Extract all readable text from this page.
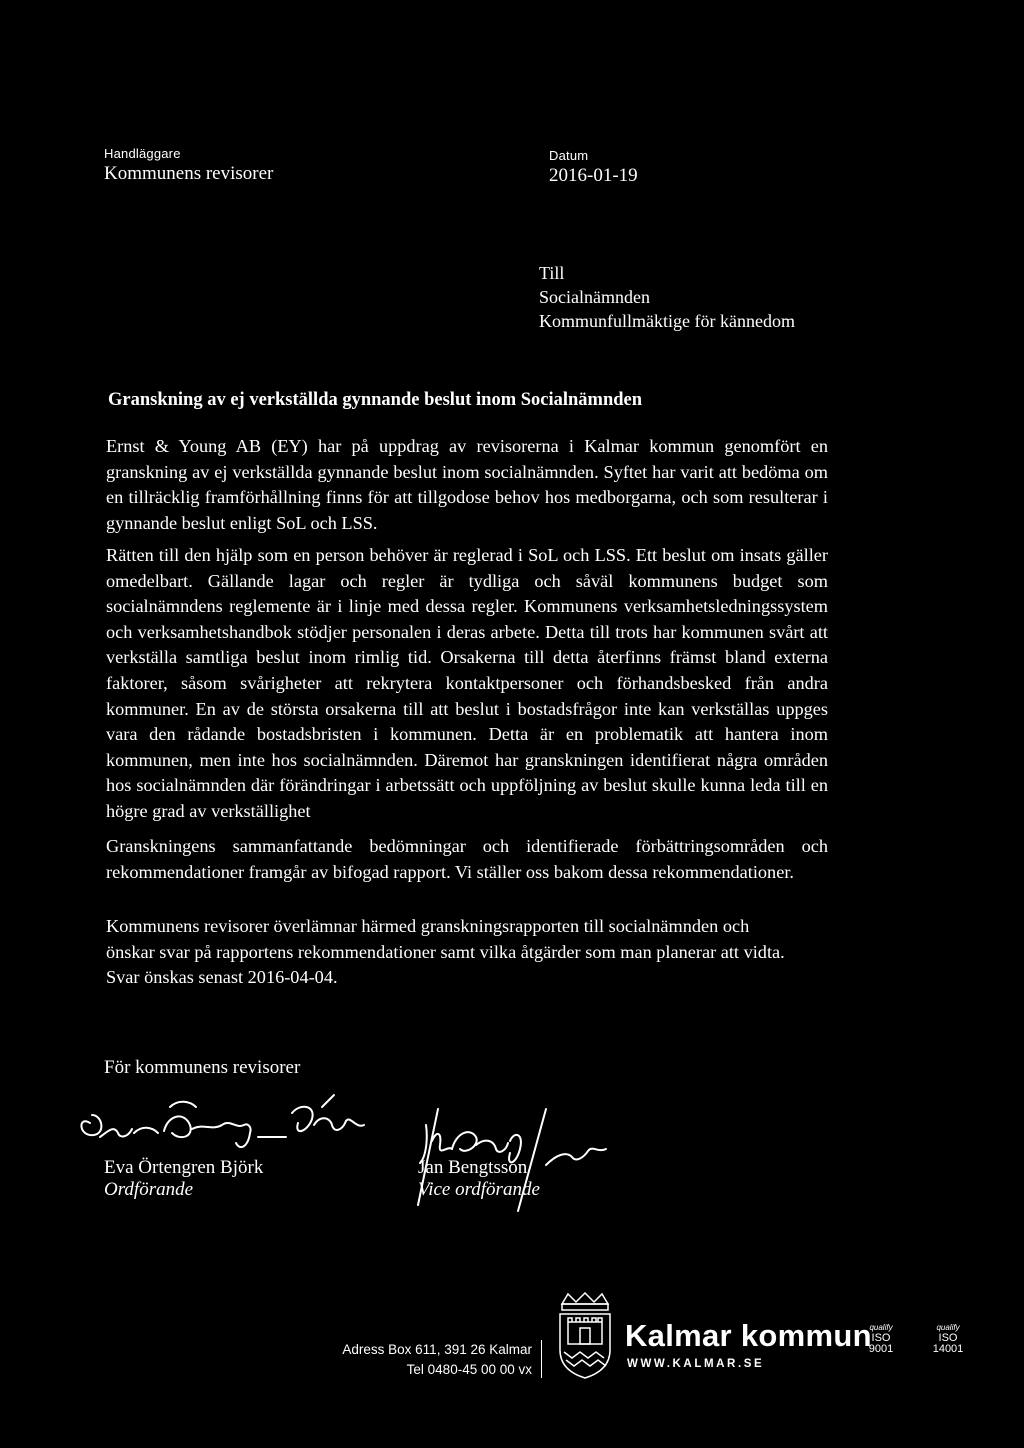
Handläggare
Kommunens revisorer
Datum
2016-01-19
Till
Socialnämnden
Kommunfullmäktige för kännedom
Granskning av ej verkställda gynnande beslut inom Socialnämnden
Ernst & Young AB (EY) har på uppdrag av revisorerna i Kalmar kommun genomfört en granskning av ej verkställda gynnande beslut inom socialnämnden. Syftet har varit att bedöma om en tillräcklig framförhållning finns för att tillgodose behov hos medborgarna, och som resulterar i gynnande beslut enligt SoL och LSS.
Rätten till den hjälp som en person behöver är reglerad i SoL och LSS. Ett beslut om insats gäller omedelbart. Gällande lagar och regler är tydliga och såväl kommunens budget som socialnämndens reglemente är i linje med dessa regler. Kommunens verksamhetsledningssystem och verksamhetshandbok stödjer personalen i deras arbete. Detta till trots har kommunen svårt att verkställa samtliga beslut inom rimlig tid. Orsakerna till detta återfinns främst bland externa faktorer, såsom svårigheter att rekrytera kontaktpersoner och förhandsbesked från andra kommuner. En av de största orsakerna till att beslut i bostadsfrågor inte kan verkställas uppges vara den rådande bostadsbristen i kommunen. Detta är en problematik att hantera inom kommunen, men inte hos socialnämnden. Däremot har granskningen identifierat några områden hos socialnämnden där förändringar i arbetssätt och uppföljning av beslut skulle kunna leda till en högre grad av verkställighet
Granskningens sammanfattande bedömningar och identifierade förbättringsområden och rekommendationer framgår av bifogad rapport. Vi ställer oss bakom dessa rekommendationer.
Kommunens revisorer överlämnar härmed granskningsrapporten till socialnämnden och önskar svar på rapportens rekommendationer samt vilka åtgärder som man planerar att vidta. Svar önskas senast 2016-04-04.
För kommunens revisorer
Eva Örtengren Björk
Ordförande
Jan Bengtsson
Vice ordförande
Adress Box 611, 391 26 Kalmar
Tel 0480-45 00 00 vx
Kalmar kommun
WWW.KALMAR.SE
qualify
ISO
9001
qualify
ISO
14001
